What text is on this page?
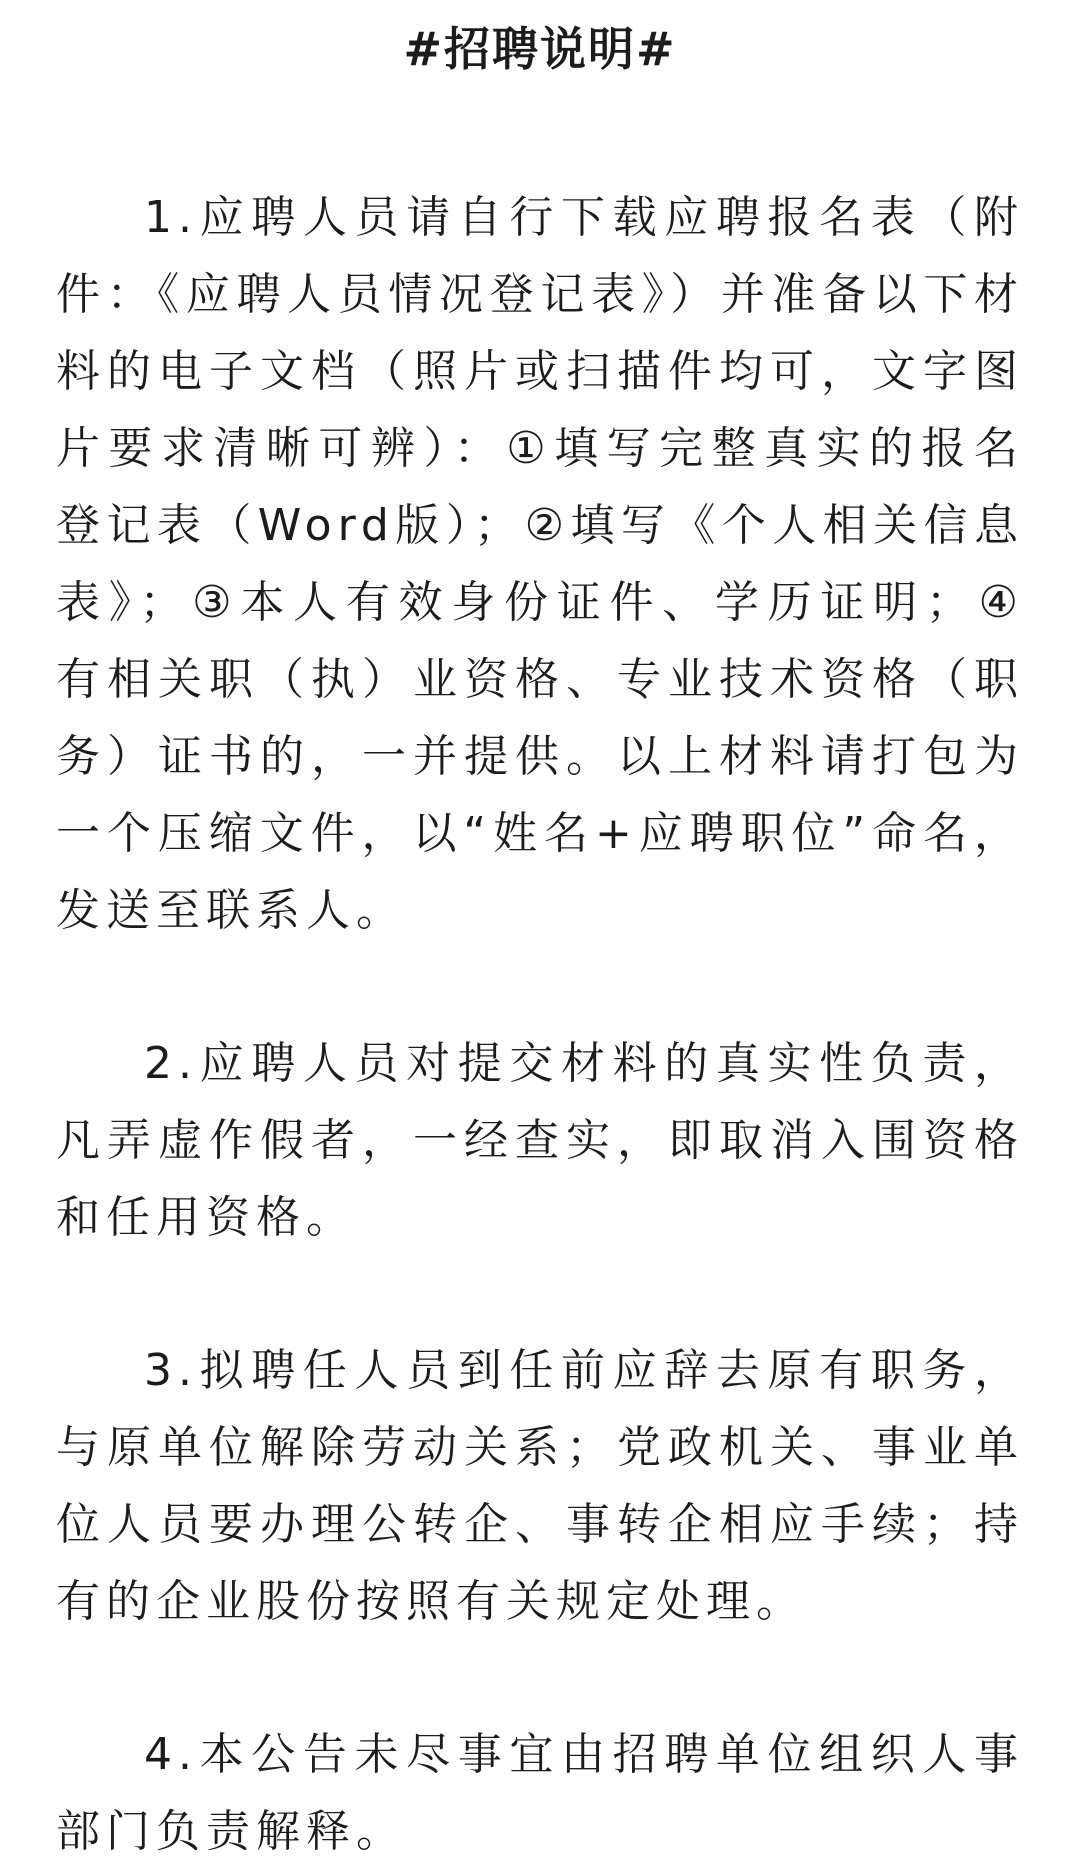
#招聘说明#

1.应聘人员请自行下载应聘报名表（附件：《应聘人员情况登记表》）并准备以下材料的电子文档（照片或扫描件均可，文字图片要求清晰可辨）：①填写完整真实的报名登记表（Word版）；②填写《个人相关信息表》；③本人有效身份证件、学历证明；④有相关职（执）业资格、专业技术资格（职务）证书的，一并提供。以上材料请打包为一个压缩文件，以“姓名+应聘职位”命名，发送至联系人。

2.应聘人员对提交材料的真实性负责，凡弄虚作假者，一经查实，即取消入围资格和任用资格。

3.拟聘任人员到任前应辞去原有职务，与原单位解除劳动关系；党政机关、事业单位人员要办理公转企、事转企相应手续；持有的企业股份按照有关规定处理。

4.本公告未尽事宜由招聘单位组织人事部门负责解释。
